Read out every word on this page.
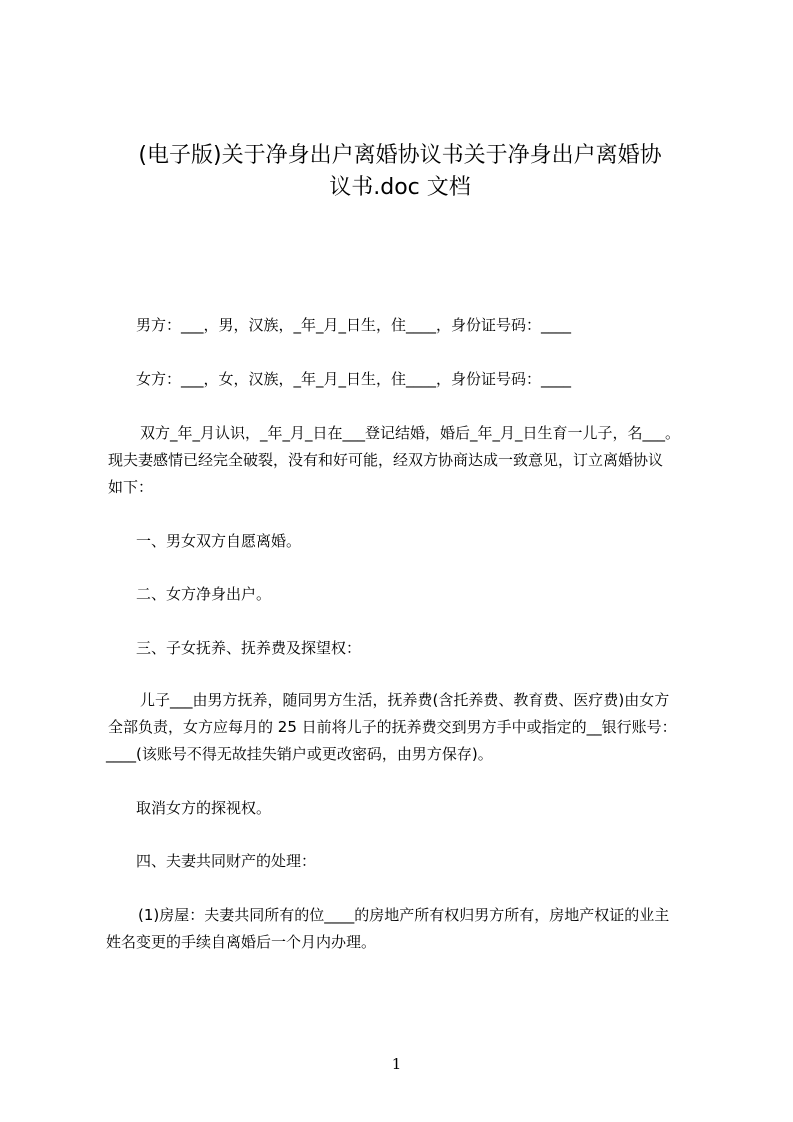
(电子版)关于净身出户离婚协议书关于净身出户离婚协
议书.doc 文档
男方：___，男，汉族，_年_月_日生，住____，身份证号码：____
女方：___，女，汉族，_年_月_日生，住____，身份证号码：____
双方_年_月认识，_年_月_日在___登记结婚，婚后_年_月_日生育一儿子，名___。
现夫妻感情已经完全破裂，没有和好可能，经双方协商达成一致意见，订立离婚协议
如下：
一、男女双方自愿离婚。
二、女方净身出户。
三、子女抚养、抚养费及探望权：
儿子___由男方抚养，随同男方生活，抚养费(含托养费、教育费、医疗费)由女方
全部负责，女方应每月的 25 日前将儿子的抚养费交到男方手中或指定的__银行账号：
____(该账号不得无故挂失销户或更改密码，由男方保存)。
取消女方的探视权。
四、夫妻共同财产的处理：
(1)房屋：夫妻共同所有的位____的房地产所有权归男方所有，房地产权证的业主
姓名变更的手续自离婚后一个月内办理。
1
